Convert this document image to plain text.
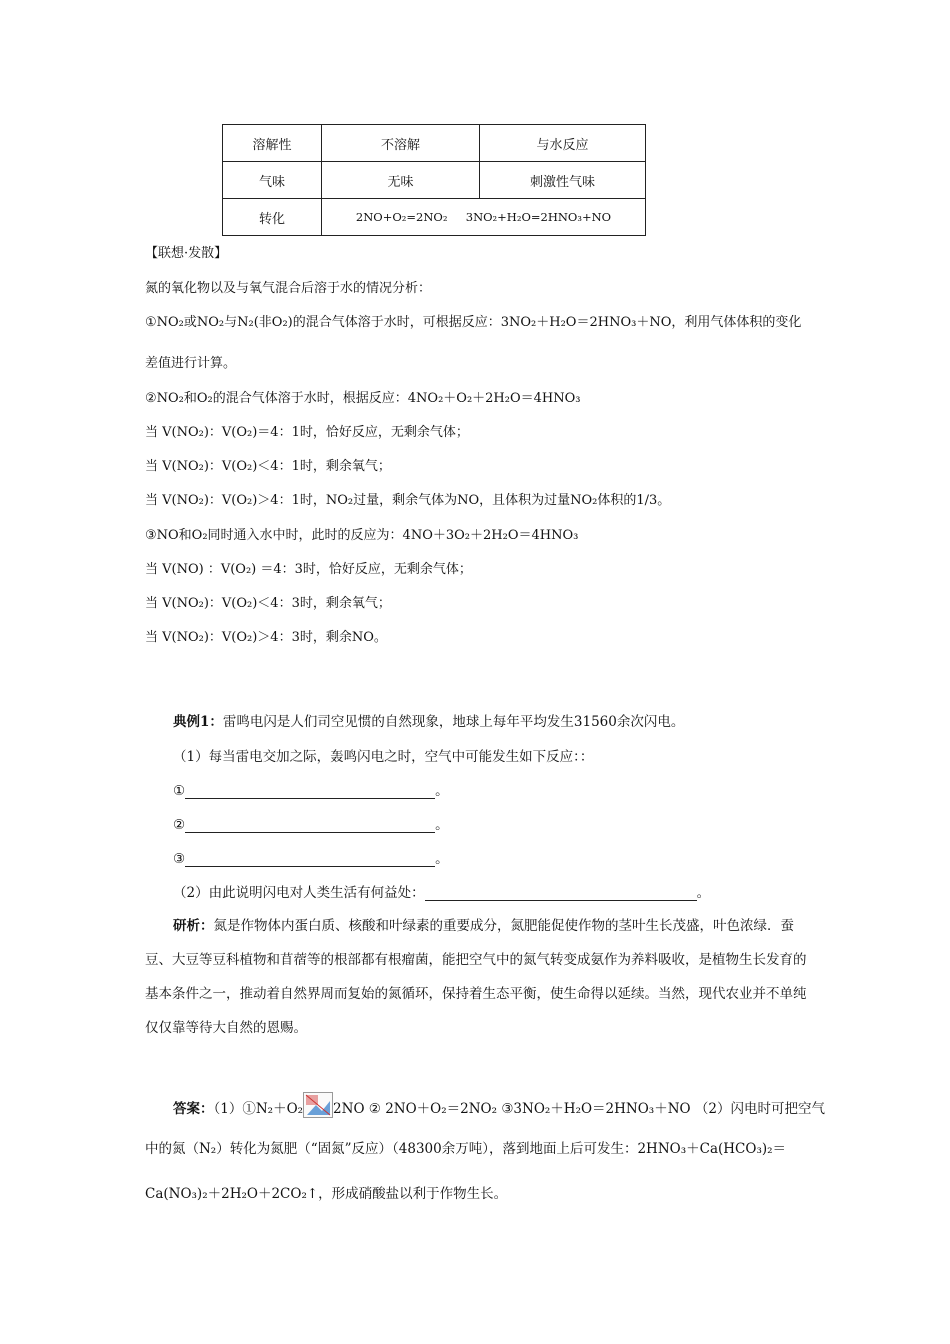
溶解性	不溶解	与水反应
气味	无味	刺激性气味
转化	2NO+O₂=2NO₂ 3NO₂+H₂O=2HNO₃+NO	
【联想·发散】
氮的氧化物以及与氧气混合后溶于水的情况分析：
①NO₂或NO₂与N₂(非O₂)的混合气体溶于水时，可根据反应：3NO₂＋H₂O＝2HNO₃＋NO，利用气体体积的变化
差值进行计算。
②NO₂和O₂的混合气体溶于水时，根据反应：4NO₂＋O₂＋2H₂O＝4HNO₃
当 V(NO₂)：V(O₂)＝4：1时，恰好反应，无剩余气体；
当 V(NO₂)：V(O₂)＜4：1时，剩余氧气；
当 V(NO₂)：V(O₂)＞4：1时，NO₂过量，剩余气体为NO，且体积为过量NO₂体积的1/3。
③NO和O₂同时通入水中时，此时的反应为：4NO＋3O₂＋2H₂O＝4HNO₃
当 V(NO) ：V(O₂) ＝4：3时，恰好反应，无剩余气体；
当 V(NO₂)：V(O₂)＜4：3时，剩余氧气；
当 V(NO₂)：V(O₂)＞4：3时，剩余NO。
典例1：雷鸣电闪是人们司空见惯的自然现象，地球上每年平均发生31560余次闪电。
（1）每当雷电交加之际，轰鸣闪电之时，空气中可能发生如下反应：：
①	。
②	。
③	。
（2）由此说明闪电对人类生活有何益处：	。
研析：氮是作物体内蛋白质、核酸和叶绿素的重要成分，氮肥能促使作物的茎叶生长茂盛，叶色浓绿．蚕豆、大豆等豆科植物和苜蓿等的根部都有根瘤菌，能把空气中的氮气转变成氨作为养料吸收，是植物生长发育的基本条件之一，推动着自然界周而复始的氮循环，保持着生态平衡，使生命得以延续。当然，现代农业并不单纯仅仅靠等待大自然的恩赐。
答案：（1）①N₂＋O₂ 2NO ② 2NO＋O₂＝2NO₂ ③3NO₂＋H₂O＝2HNO₃＋NO （2）闪电时可把空气
中的氮（N₂）转化为氮肥（“固氮”反应）（48300余万吨），落到地面上后可发生：2HNO₃＋Ca(HCO₃)₂＝
Ca(NO₃)₂＋2H₂O＋2CO₂↑，形成硝酸盐以利于作物生长。
